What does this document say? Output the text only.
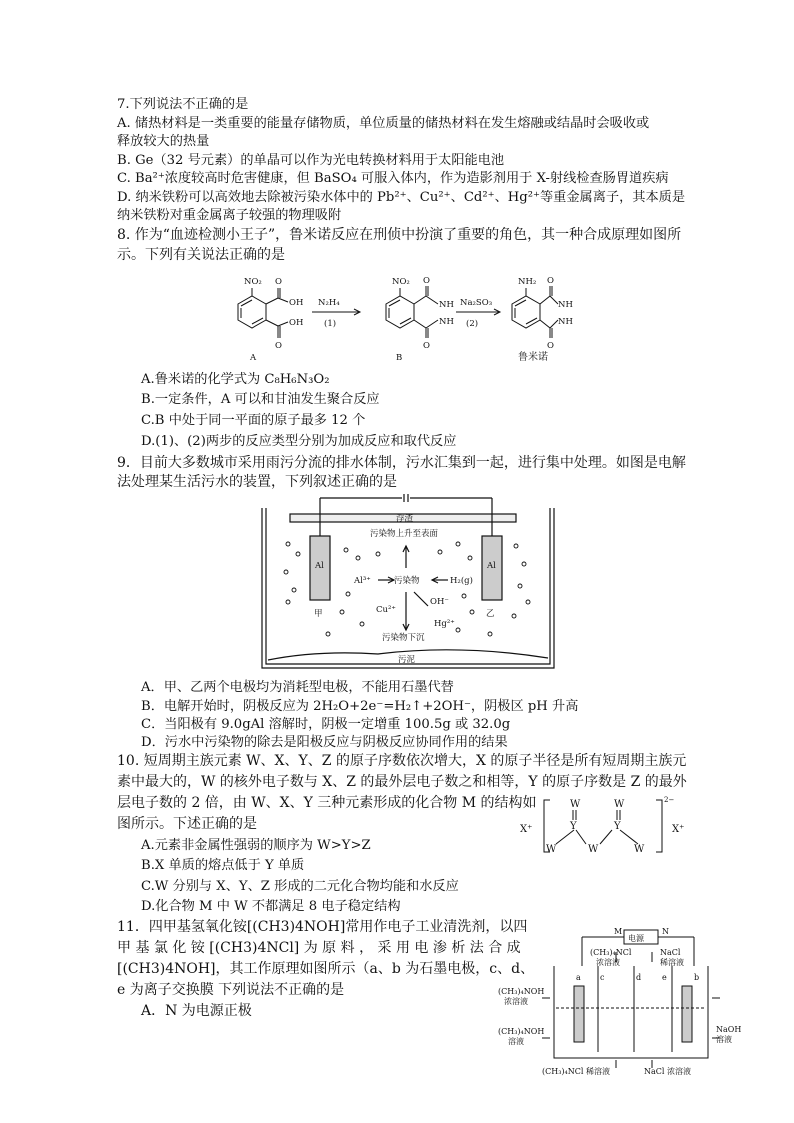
7.下列说法不正确的是
A. 储热材料是一类重要的能量存储物质，单位质量的储热材料在发生熔融或结晶时会吸收或
释放较大的热量
B. Ge（32 号元素）的单晶可以作为光电转换材料用于太阳能电池
C. Ba²⁺浓度较高时危害健康，但 BaSO₄ 可服入体内，作为造影剂用于 X-射线检查肠胃道疾病
D. 纳米铁粉可以高效地去除被污染水体中的 Pb²⁺、Cu²⁺、Cd²⁺、Hg²⁺等重金属离子，其本质是
纳米铁粉对重金属离子较强的物理吸附
8. 作为“血迹检测小王子”，鲁米诺反应在刑侦中扮演了重要的角色，其一种合成原理如图所
示。下列有关说法正确的是
NO₂ O
OH
O
OH
N₂H₄
(1)
NO₂ O
NH
NH
O
Na₂SO₃
(2)
NH₂ O
NH
NH
O
A	B	鲁米诺
A.鲁米诺的化学式为 C₈H₆N₃O₂
B.一定条件，A 可以和甘油发生聚合反应
C.B 中处于同一平面的原子最多 12 个
D.(1)、(2)两步的反应类型分别为加成反应和取代反应
9．目前大多数城市采用雨污分流的排水体制，污水汇集到一起，进行集中处理。如图是电解
法处理某生活污水的装置，下列叙述正确的是
浮渣
污染物上升至表面
Al	Al
Al³⁺	污染物	H₂(g)
OH⁻
Cu²⁺
Hg²⁺
污染物下沉
污泥
甲	乙
A．甲、乙两个电极均为消耗型电极，不能用石墨代替
B．电解开始时，阴极反应为 2H₂O+2e⁻=H₂↑+2OH⁻，阴极区 pH 升高
C．当阳极有 9.0gAl 溶解时，阴极一定增重 100.5g 或 32.0g
D．污水中污染物的除去是阳极反应与阴极反应协同作用的结果
10. 短周期主族元素 W、X、Y、Z 的原子序数依次增大，X 的原子半径是所有短周期主族元
素中最大的，W 的核外电子数与 X、Z 的最外层电子数之和相等，Y 的原子序数是 Z 的最外
层电子数的 2 倍，由 W、X、Y 三种元素形成的化合物 M 的结构如
图所示。下述正确的是	X⁺
W	W
Y	Y
W	W	W
2−
X⁺
A.元素非金属性强弱的顺序为 W>Y>Z
B.X 单质的熔点低于 Y 单质
C.W 分别与 X、Y、Z 形成的二元化合物均能和水反应
D.化合物 M 中 W 不都满足 8 电子稳定结构
11．四甲基氢氧化铵[(CH3)4NOH]常用作电子工业清洗剂，以四
甲 基 氯 化 铵 [(CH3)4NCl] 为 原 料 ， 采 用 电 渗 析 法 合 成
[(CH3)4NOH]，其工作原理如图所示（a、b 为石墨电极，c、d、
e 为离子交换膜 下列说法不正确的是
A．N 为电源正极
M
电源
N
(CH₃)₄NCl
浓溶液
NaCl
稀溶液
(CH₃)₄NOH
浓溶液
(CH₃)₄NOH
溶液
NaOH
溶液
a c	d	e	b
(CH₃)₄NCl 稀溶液	NaCl 浓溶液
